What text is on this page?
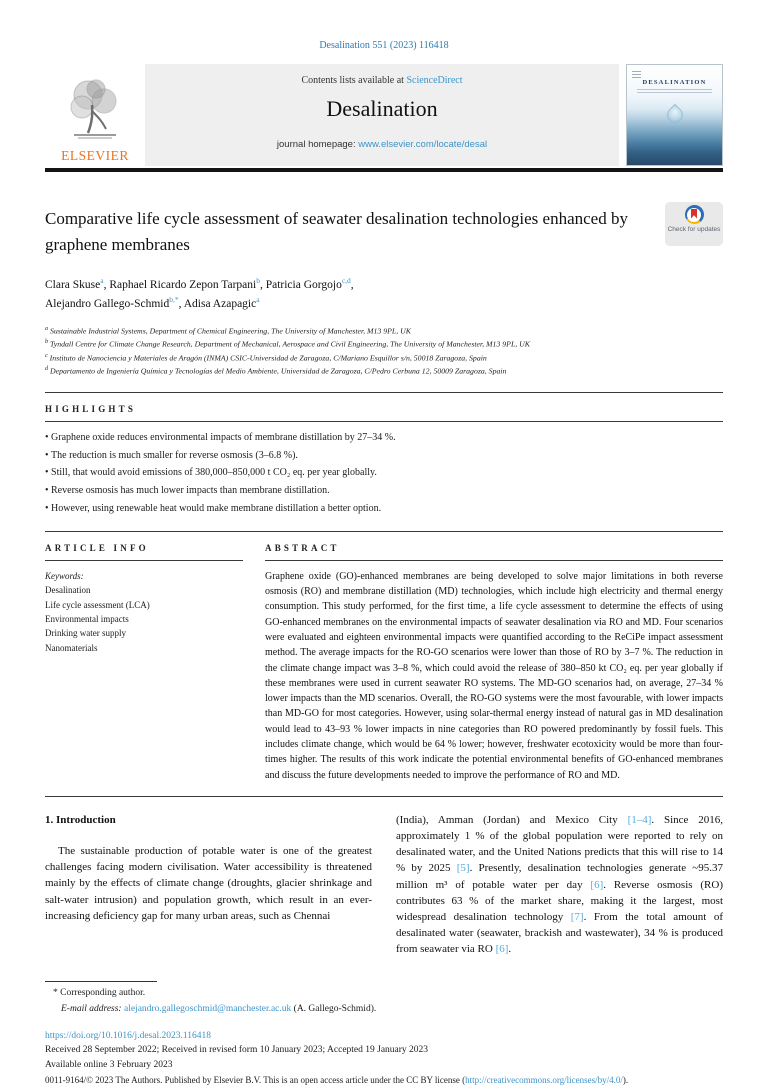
Desalination 551 (2023) 116418
ELSEVIER
Contents lists available at ScienceDirect
Desalination
journal homepage: www.elsevier.com/locate/desal
DESALINATION
Comparative life cycle assessment of seawater desalination technologies enhanced by graphene membranes
Check for updates
Clara Skuse$^a$, Raphael Ricardo Zepon Tarpani$^b$, Patricia Gorgojo$^{c,d}$,
Alejandro Gallego-Schmid$^{b,*}$, Adisa Azapagic$^a$
$^a$ Sustainable Industrial Systems, Department of Chemical Engineering, The University of Manchester, M13 9PL, UK
$^b$ Tyndall Centre for Climate Change Research, Department of Mechanical, Aerospace and Civil Engineering, The University of Manchester, M13 9PL, UK
$^c$ Instituto de Nanociencia y Materiales de Aragón (INMA) CSIC-Universidad de Zaragoza, C/Mariano Esquillor s/n, 50018 Zaragoza, Spain
$^d$ Departamento de Ingeniería Química y Tecnologías del Medio Ambiente, Universidad de Zaragoza, C/Pedro Cerbuna 12, 50009 Zaragoza, Spain
HIGHLIGHTS
• Graphene oxide reduces environmental impacts of membrane distillation by 27–34 %.
• The reduction is much smaller for reverse osmosis (3–6.8 %).
• Still, that would avoid emissions of 380,000–850,000 t CO₂ eq. per year globally.
• Reverse osmosis has much lower impacts than membrane distillation.
• However, using renewable heat would make membrane distillation a better option.
ARTICLE INFO
Keywords:
Desalination
Life cycle assessment (LCA)
Environmental impacts
Drinking water supply
Nanomaterials
ABSTRACT

Graphene oxide (GO)-enhanced membranes are being developed to solve major limitations in both reverse osmosis (RO) and membrane distillation (MD) technologies, which include high electricity and thermal energy consumption. This study performed, for the first time, a life cycle assessment to determine the effects of using GO-enhanced membranes on the environmental impacts of seawater desalination via RO and MD. Four scenarios were evaluated and eighteen environmental impacts were quantified according to the ReCiPe impact assessment method. The average impacts for the RO-GO scenarios were lower than those of RO by 3–7 %. The reduction in the climate change impact was 3–8 %, which could avoid the release of 380–850 kt CO₂ eq. per year globally if these membranes were used in current seawater RO systems. The MD-GO scenarios had, on average, 27–34 % lower impacts than the MD scenarios. Overall, the RO-GO systems were the most favourable, with lower impacts than MD-GO for most categories. However, using solar-thermal energy instead of natural gas in MD desalination would lead to 43–93 % lower impacts in nine categories than RO powered predominantly by fossil fuels. This includes climate change, which would be 64 % lower; however, freshwater ecotoxicity would be more than four-times higher. The results of this work indicate the potential environmental benefits of GO-enhanced membranes and discuss the future developments needed to improve the performance of RO and MD.

1. Introduction

The sustainable production of potable water is one of the greatest challenges facing modern civilisation. Water accessibility is threatened mainly by the effects of climate change (droughts, glacier shrinkage and salt-water intrusion) and population growth, which result in an ever-increasing deficiency gap for many urban areas, such as Chennai

(India), Amman (Jordan) and Mexico City [1–4]. Since 2016, approximately 1 % of the global population were reported to rely on desalinated water, and the United Nations predicts that this will rise to 14 % by 2025 [5]. Presently, desalination technologies generate ~95.37 million m³ of potable water per day [6]. Reverse osmosis (RO) contributes 63 % of the market share, making it the largest, most widespread desalination technology [7]. From the total amount of desalinated water (seawater, brackish and wastewater), 34 % is produced from seawater via RO [6].

* Corresponding author.
E-mail address: alejandro.gallegoschmid@manchester.ac.uk (A. Gallego-Schmid).
https://doi.org/10.1016/j.desal.2023.116418
Received 28 September 2022; Received in revised form 10 January 2023; Accepted 19 January 2023
Available online 3 February 2023
0011-9164/© 2023 The Authors. Published by Elsevier B.V. This is an open access article under the CC BY license (http://creativecommons.org/licenses/by/4.0/).
